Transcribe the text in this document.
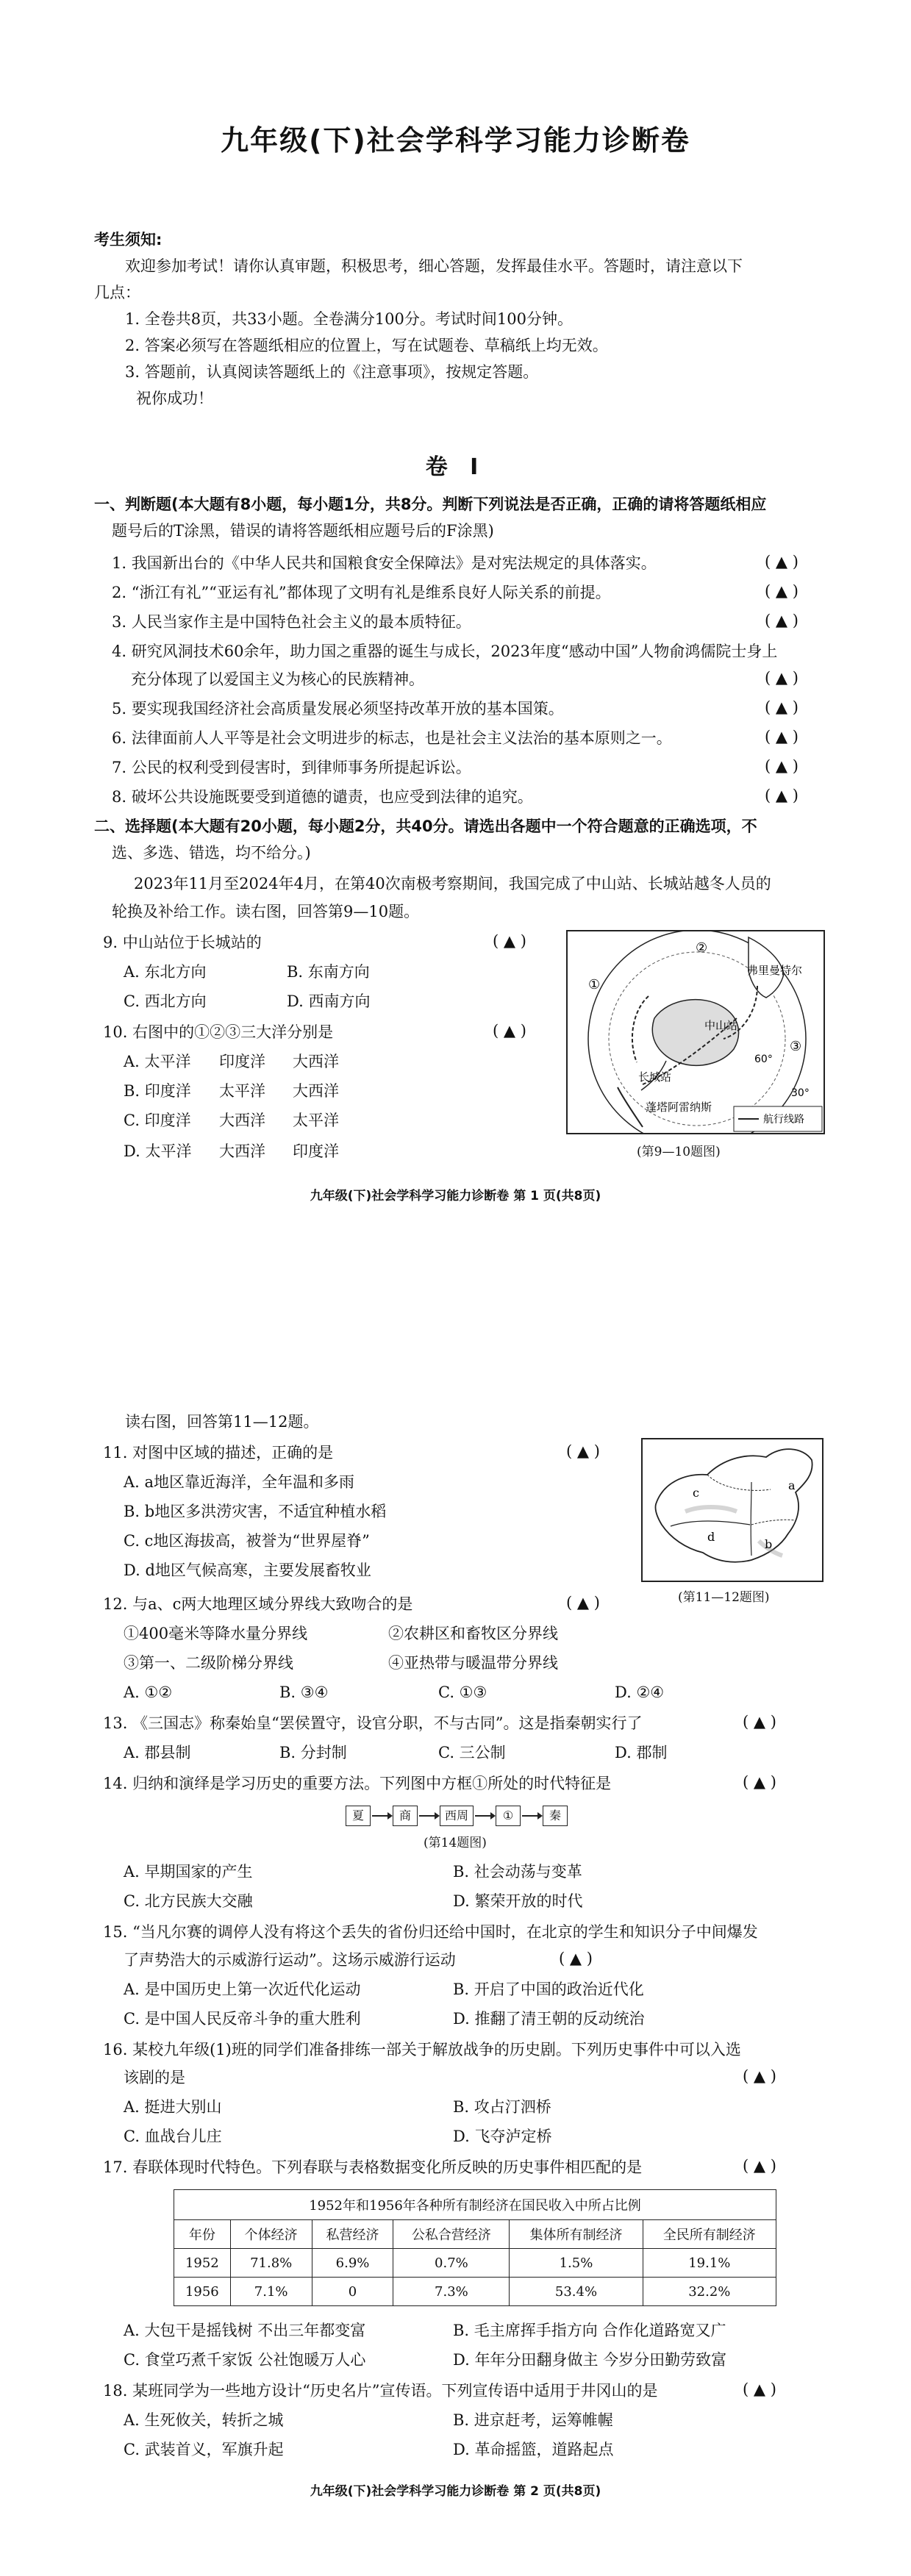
九年级(下)社会学科学习能力诊断卷
考生须知:
欢迎参加考试！请你认真审题，积极思考，细心答题，发挥最佳水平。答题时，请注意以下
几点：
1. 全卷共8页，共33小题。全卷满分100分。考试时间100分钟。
2. 答案必须写在答题纸相应的位置上，写在试题卷、草稿纸上均无效。
3. 答题前，认真阅读答题纸上的《注意事项》，按规定答题。
祝你成功！
卷 Ⅰ
一、判断题(本大题有8小题，每小题1分，共8分。判断下列说法是否正确，正确的请将答题纸相应
题号后的T涂黑，错误的请将答题纸相应题号后的F涂黑)
1. 我国新出台的《中华人民共和国粮食安全保障法》是对宪法规定的具体落实。	( ▲ )
2. “浙江有礼”“亚运有礼”都体现了文明有礼是维系良好人际关系的前提。	( ▲ )
3. 人民当家作主是中国特色社会主义的最本质特征。	( ▲ )
4. 研究风洞技术60余年，助力国之重器的诞生与成长，2023年度“感动中国”人物俞鸿儒院士身上
充分体现了以爱国主义为核心的民族精神。	( ▲ )
5. 要实现我国经济社会高质量发展必须坚持改革开放的基本国策。	( ▲ )
6. 法律面前人人平等是社会文明进步的标志，也是社会主义法治的基本原则之一。	( ▲ )
7. 公民的权利受到侵害时，到律师事务所提起诉讼。	( ▲ )
8. 破坏公共设施既要受到道德的谴责，也应受到法律的追究。	( ▲ )
二、选择题(本大题有20小题，每小题2分，共40分。请选出各题中一个符合题意的正确选项，不
选、多选、错选，均不给分。)
2023年11月至2024年4月，在第40次南极考察期间，我国完成了中山站、长城站越冬人员的
轮换及补给工作。读右图，回答第9—10题。
9. 中山站位于长城站的	( ▲ )
A. 东北方向	B. 东南方向
C. 西北方向	D. 西南方向
10. 右图中的①②③三大洋分别是	( ▲ )
A. 太平洋 印度洋 大西洋
B. 印度洋 太平洋 大西洋
C. 印度洋 大西洋 太平洋
D. 太平洋 大西洋 印度洋
弗里曼特尔
中山站
长城站
蓬塔阿雷纳斯
60°
30°
①
②
③
航行线路
(第9—10题图)
九年级(下)社会学科学习能力诊断卷 第 1 页(共8页)
读右图，回答第11—12题。
11. 对图中区域的描述，正确的是	( ▲ )
A. a地区靠近海洋，全年温和多雨
B. b地区多洪涝灾害，不适宜种植水稻
C. c地区海拔高，被誉为“世界屋脊”
D. d地区气候高寒，主要发展畜牧业
a
b
c
d
(第11—12题图)
12. 与a、c两大地理区域分界线大致吻合的是	( ▲ )
①400毫米等降水量分界线	②农耕区和畜牧区分界线
③第一、二级阶梯分界线	④亚热带与暖温带分界线
A. ①②	B. ③④	C. ①③	D. ②④
13. 《三国志》称秦始皇“罢侯置守，设官分职，不与古同”。这是指秦朝实行了	( ▲ )
A. 郡县制	B. 分封制	C. 三公制	D. 郡制
14. 归纳和演绎是学习历史的重要方法。下列图中方框①所处的时代特征是	( ▲ )
夏	商	西周	①	秦
(第14题图)
A. 早期国家的产生	B. 社会动荡与变革
C. 北方民族大交融	D. 繁荣开放的时代
15. “当凡尔赛的调停人没有将这个丢失的省份归还给中国时，在北京的学生和知识分子中间爆发
了声势浩大的示威游行运动”。这场示威游行运动	( ▲ )
A. 是中国历史上第一次近代化运动	B. 开启了中国的政治近代化
C. 是中国人民反帝斗争的重大胜利	D. 推翻了清王朝的反动统治
16. 某校九年级(1)班的同学们准备排练一部关于解放战争的历史剧。下列历史事件中可以入选
该剧的是	( ▲ )
A. 挺进大别山	B. 攻占汀泗桥
C. 血战台儿庄	D. 飞夺泸定桥
17. 春联体现时代特色。下列春联与表格数据变化所反映的历史事件相匹配的是	( ▲ )
1952年和1956年各种所有制经济在国民收入中所占比例					
年份	个体经济	私营经济	公私合营经济	集体所有制经济	全民所有制经济
1952	71.8%	6.9%	0.7%	1.5%	19.1%
1956	7.1%	0	7.3%	53.4%	32.2%
A. 大包干是摇钱树 不出三年都变富	B. 毛主席挥手指方向 合作化道路宽又广
C. 食堂巧煮千家饭 公社饱暖万人心	D. 年年分田翻身做主 今岁分田勤劳致富
18. 某班同学为一些地方设计“历史名片”宣传语。下列宣传语中适用于井冈山的是	( ▲ )
A. 生死攸关，转折之城	B. 进京赶考，运筹帷幄
C. 武装首义，军旗升起	D. 革命摇篮，道路起点
九年级(下)社会学科学习能力诊断卷 第 2 页(共8页)
